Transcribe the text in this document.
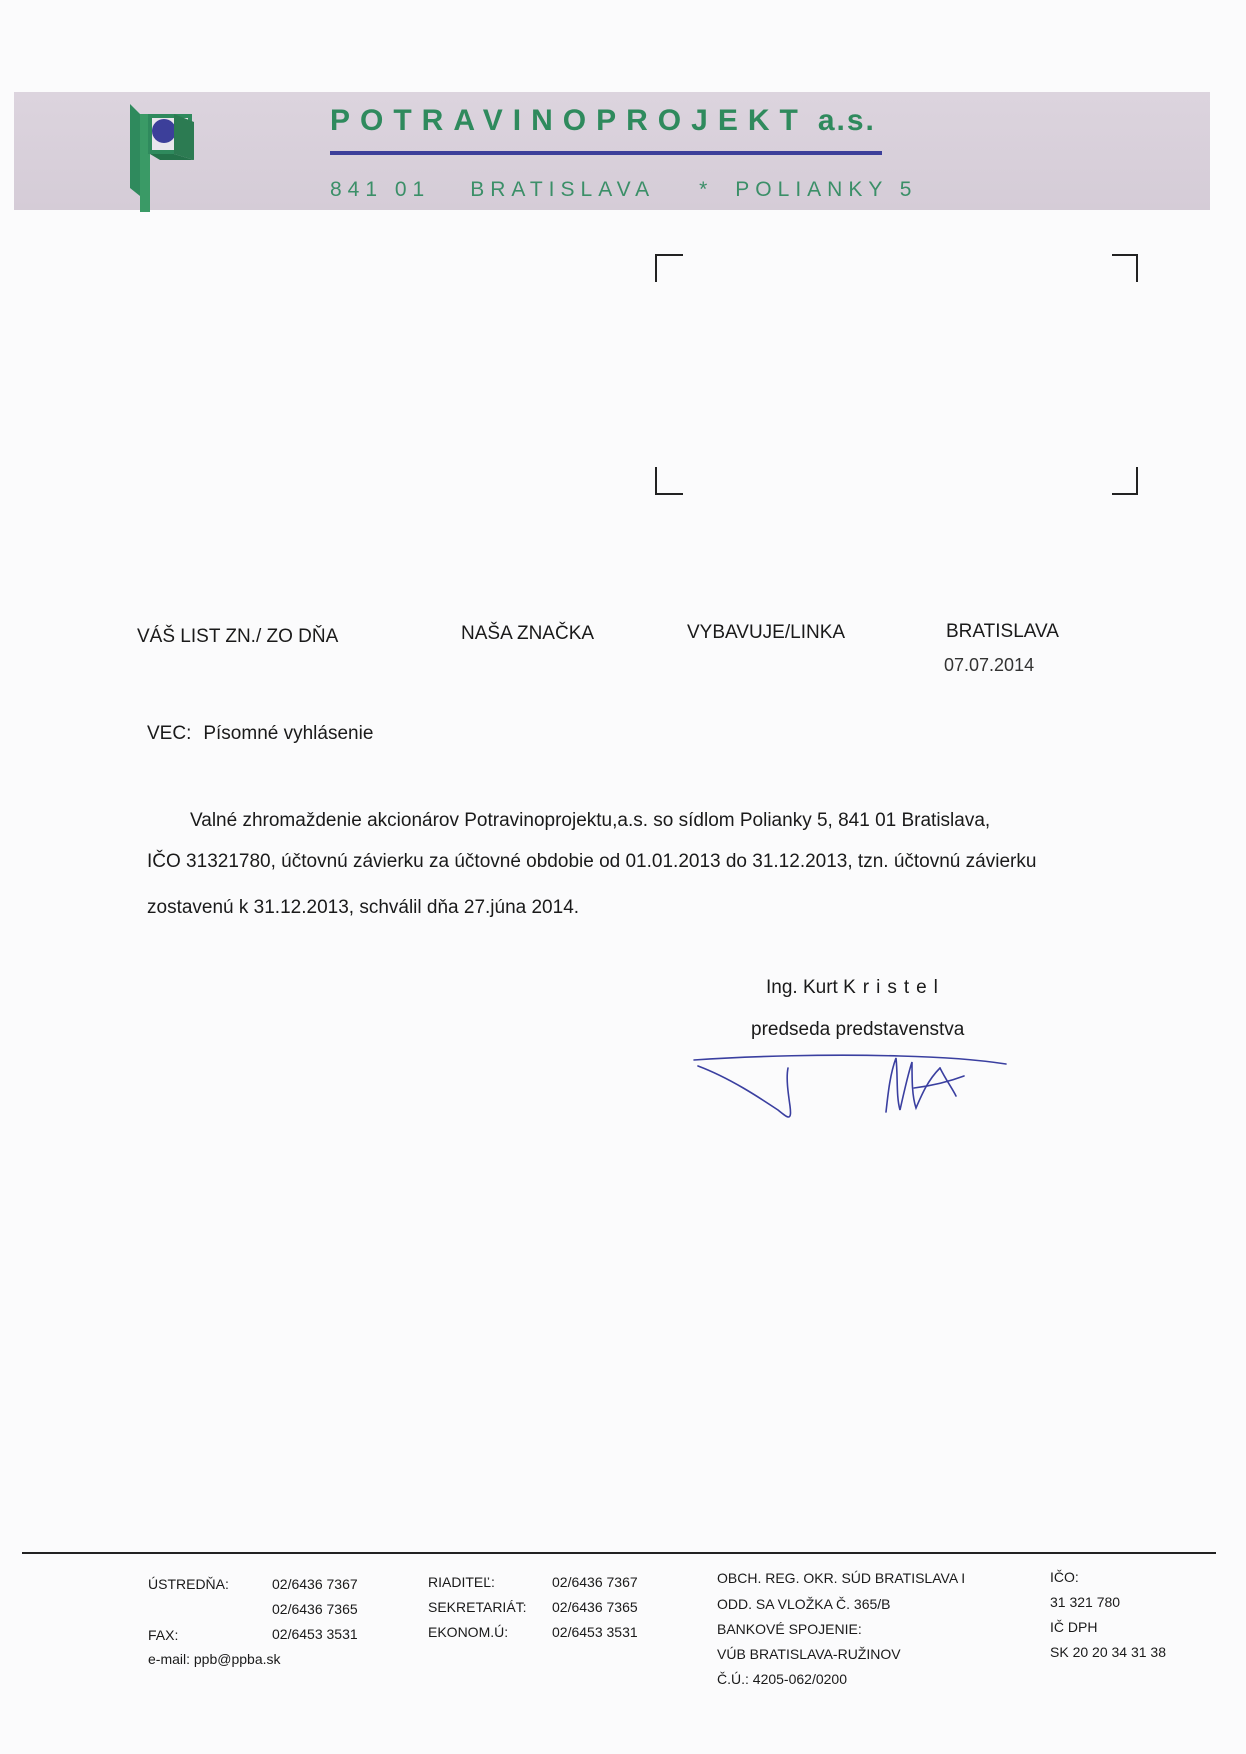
POTRAVINOPROJEKT a.s.
841 01 BRATISLAVA * POLIANKY 5
VÁŠ LIST ZN./ ZO DŇA	NAŠA ZNAČKA	VYBAVUJE/LINKA	BRATISLAVA
07.07.2014
VEC: Písomné vyhlásenie
Valné zhromaždenie akcionárov Potravinoprojektu,a.s. so sídlom Polianky 5, 841 01 Bratislava,
IČO 31321780, účtovnú závierku za účtovné obdobie od 01.01.2013 do 31.12.2013, tzn. účtovnú závierku
zostavenú k 31.12.2013, schválil dňa 27.júna 2014.
Ing. Kurt Kristel
predseda predstavenstva
ÚSTREDŇA:	02/6436 7367
02/6436 7365
FAX:	02/6453 3531
e-mail: ppb@ppba.sk
RIADITEĽ:	02/6436 7367
SEKRETARIÁT: 02/6436 7365
EKONOM.Ú:	02/6453 3531
OBCH. REG. OKR. SÚD BRATISLAVA I
ODD. SA VLOŽKA Č. 365/B
BANKOVÉ SPOJENIE:
VÚB BRATISLAVA-RUŽINOV
Č.Ú.: 4205-062/0200
IČO:
31 321 780
IČ DPH
SK 20 20 34 31 38
